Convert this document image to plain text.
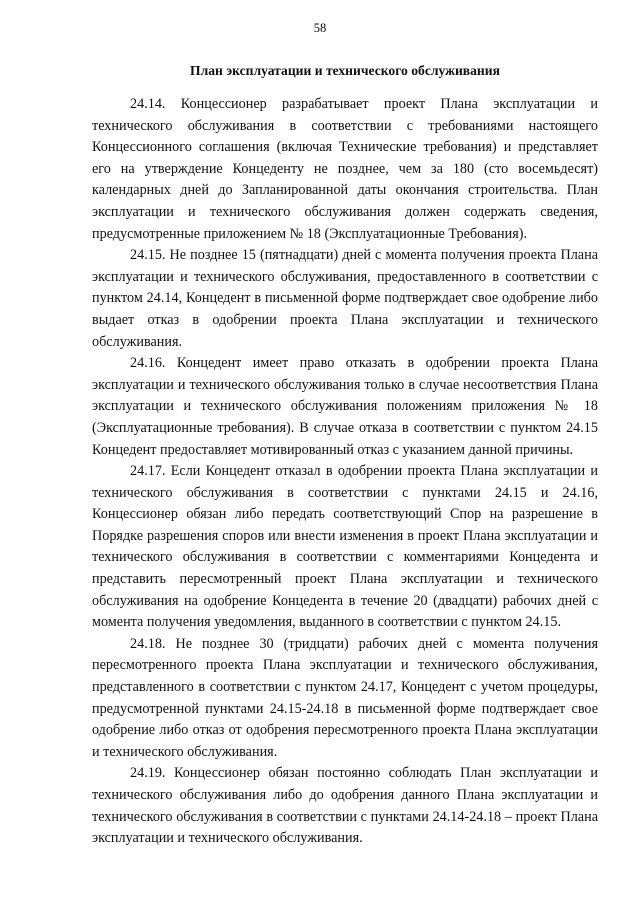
58
План эксплуатации и технического обслуживания

24.14. Концессионер разрабатывает проект Плана эксплуатации и технического обслуживания в соответствии с требованиями настоящего Концессионного соглашения (включая Технические требования) и представляет его на утверждение Концеденту не позднее, чем за 180 (сто восемьдесят) календарных дней до Запланированной даты окончания строительства. План эксплуатации и технического обслуживания должен содержать сведения, предусмотренные приложением № 18 (Эксплуатационные Требования).

24.15. Не позднее 15 (пятнадцати) дней с момента получения проекта Плана эксплуатации и технического обслуживания, предоставленного в соответствии с пунктом 24.14, Концедент в письменной форме подтверждает свое одобрение либо выдает отказ в одобрении проекта Плана эксплуатации и технического обслуживания.

24.16. Концедент имеет право отказать в одобрении проекта Плана эксплуатации и технического обслуживания только в случае несоответствия Плана эксплуатации и технического обслуживания положениям приложения № 18 (Эксплуатационные требования). В случае отказа в соответствии с пунктом 24.15 Концедент предоставляет мотивированный отказ с указанием данной причины.

24.17. Если Концедент отказал в одобрении проекта Плана эксплуатации и технического обслуживания в соответствии с пунктами 24.15 и 24.16, Концессионер обязан либо передать соответствующий Спор на разрешение в Порядке разрешения споров или внести изменения в проект Плана эксплуатации и технического обслуживания в соответствии с комментариями Концедента и представить пересмотренный проект Плана эксплуатации и технического обслуживания на одобрение Концедента в течение 20 (двадцати) рабочих дней с момента получения уведомления, выданного в соответствии с пунктом 24.15.

24.18. Не позднее 30 (тридцати) рабочих дней с момента получения пересмотренного проекта Плана эксплуатации и технического обслуживания, представленного в соответствии с пунктом 24.17, Концедент с учетом процедуры, предусмотренной пунктами 24.15-24.18 в письменной форме подтверждает свое одобрение либо отказ от одобрения пересмотренного проекта Плана эксплуатации и технического обслуживания.

24.19. Концессионер обязан постоянно соблюдать План эксплуатации и технического обслуживания либо до одобрения данного Плана эксплуатации и технического обслуживания в соответствии с пунктами 24.14-24.18 – проект Плана эксплуатации и технического обслуживания.
